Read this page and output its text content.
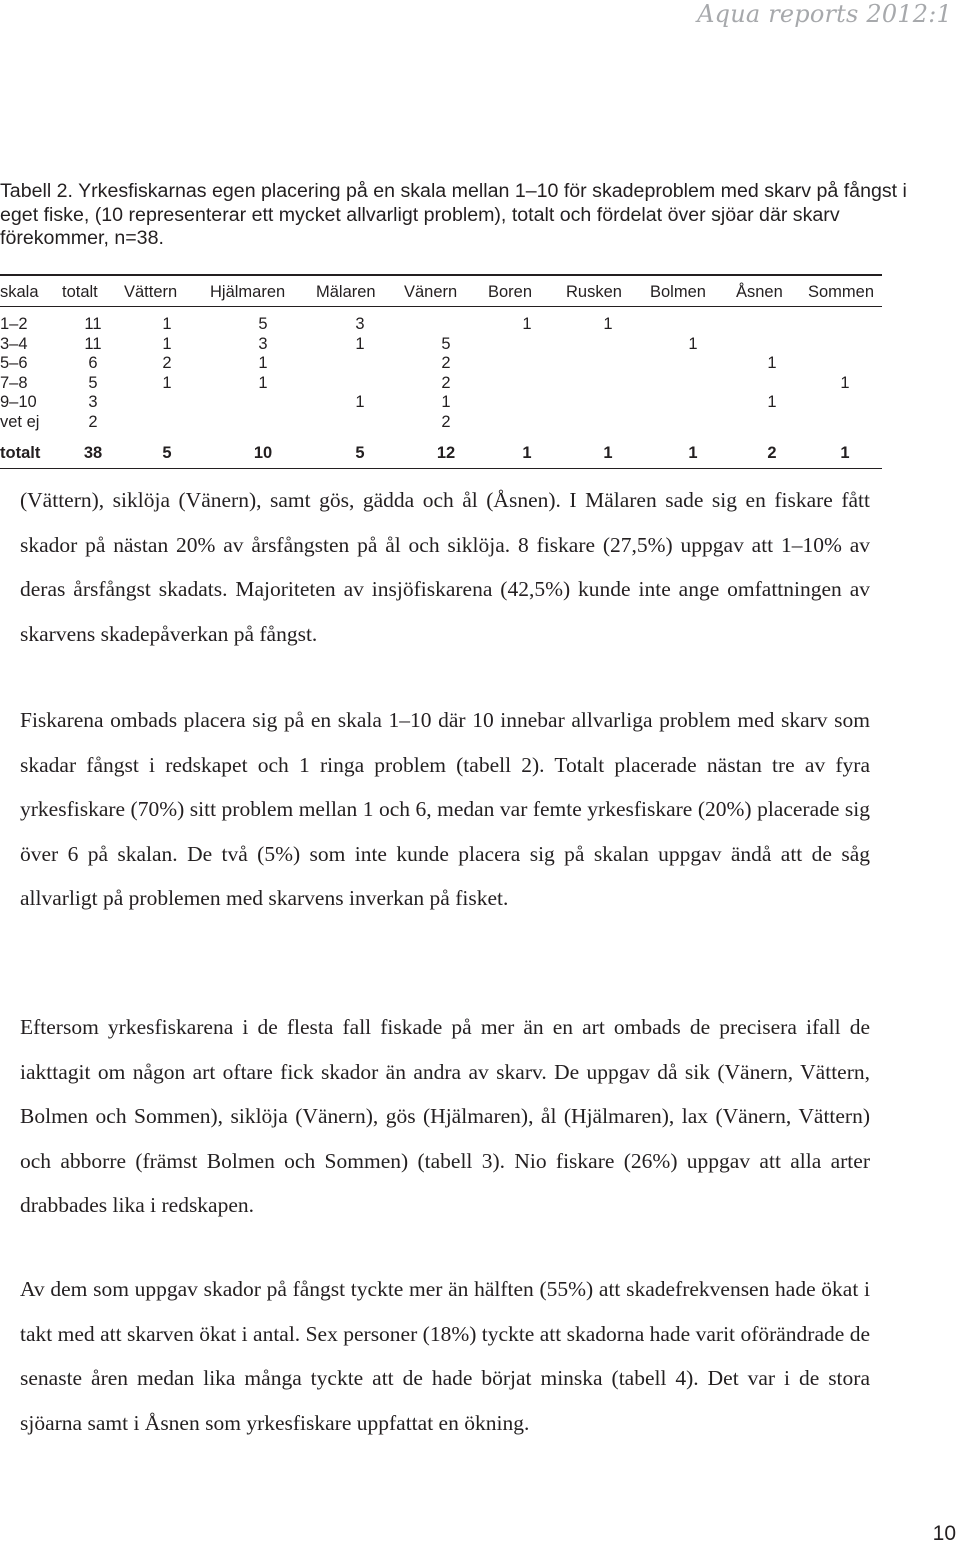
Aqua reports 2012:1
Tabell 2. Yrkesfiskarnas egen placering på en skala mellan 1–10 för skadeproblem med skarv på fångst i eget fiske, (10 representerar ett mycket allvarligt problem), totalt och fördelat över sjöar där skarv förekommer, n=38.
skala	totalt	Vättern	Hjälmaren	Mälaren	Vänern	Boren	Rusken	Bolmen	Åsnen	Sommen
1–2	11	1	5	3		1	1			
3–4	11	1	3	1	5			1		
5–6	6	2	1		2				1	
7–8	5	1	1		2					1
9–10	3			1	1				1	
vet ej	2				2					
totalt	38	5	10	5	12	1	1	1	2	1

(Vättern), siklöja (Vänern), samt gös, gädda och ål (Åsnen). I Mälaren sade sig en fiskare fått skador på nästan 20% av årsfångsten på ål och siklöja. 8 fiskare (27,5%) uppgav att 1–10% av deras årsfångst skadats. Majoriteten av insjöfiskarena (42,5%) kunde inte ange omfattningen av skarvens skadepåverkan på fångst.

Fiskarena ombads placera sig på en skala 1–10 där 10 innebar allvarliga problem med skarv som skadar fångst i redskapet och 1 ringa problem (tabell 2). Totalt placerade nästan tre av fyra yrkesfiskare (70%) sitt problem mellan 1 och 6, medan var femte yrkesfiskare (20%) placerade sig över 6 på skalan. De två (5%) som inte kunde placera sig på skalan uppgav ändå att de såg allvarligt på problemen med skarvens inverkan på fisket.

Eftersom yrkesfiskarena i de flesta fall fiskade på mer än en art ombads de precisera ifall de iakttagit om någon art oftare fick skador än andra av skarv. De uppgav då sik (Vänern, Vättern, Bolmen och Sommen), siklöja (Vänern), gös (Hjälmaren), ål (Hjälmaren), lax (Vänern, Vättern) och abborre (främst Bolmen och Sommen) (tabell 3). Nio fiskare (26%) uppgav att alla arter drabbades lika i redskapen.

Av dem som uppgav skador på fångst tyckte mer än hälften (55%) att skadefrekvensen hade ökat i takt med att skarven ökat i antal. Sex personer (18%) tyckte att skadorna hade varit oförändrade de senaste åren medan lika många tyckte att de hade börjat minska (tabell 4). Det var i de stora sjöarna samt i Åsnen som yrkesfiskare uppfattat en ökning.

10
